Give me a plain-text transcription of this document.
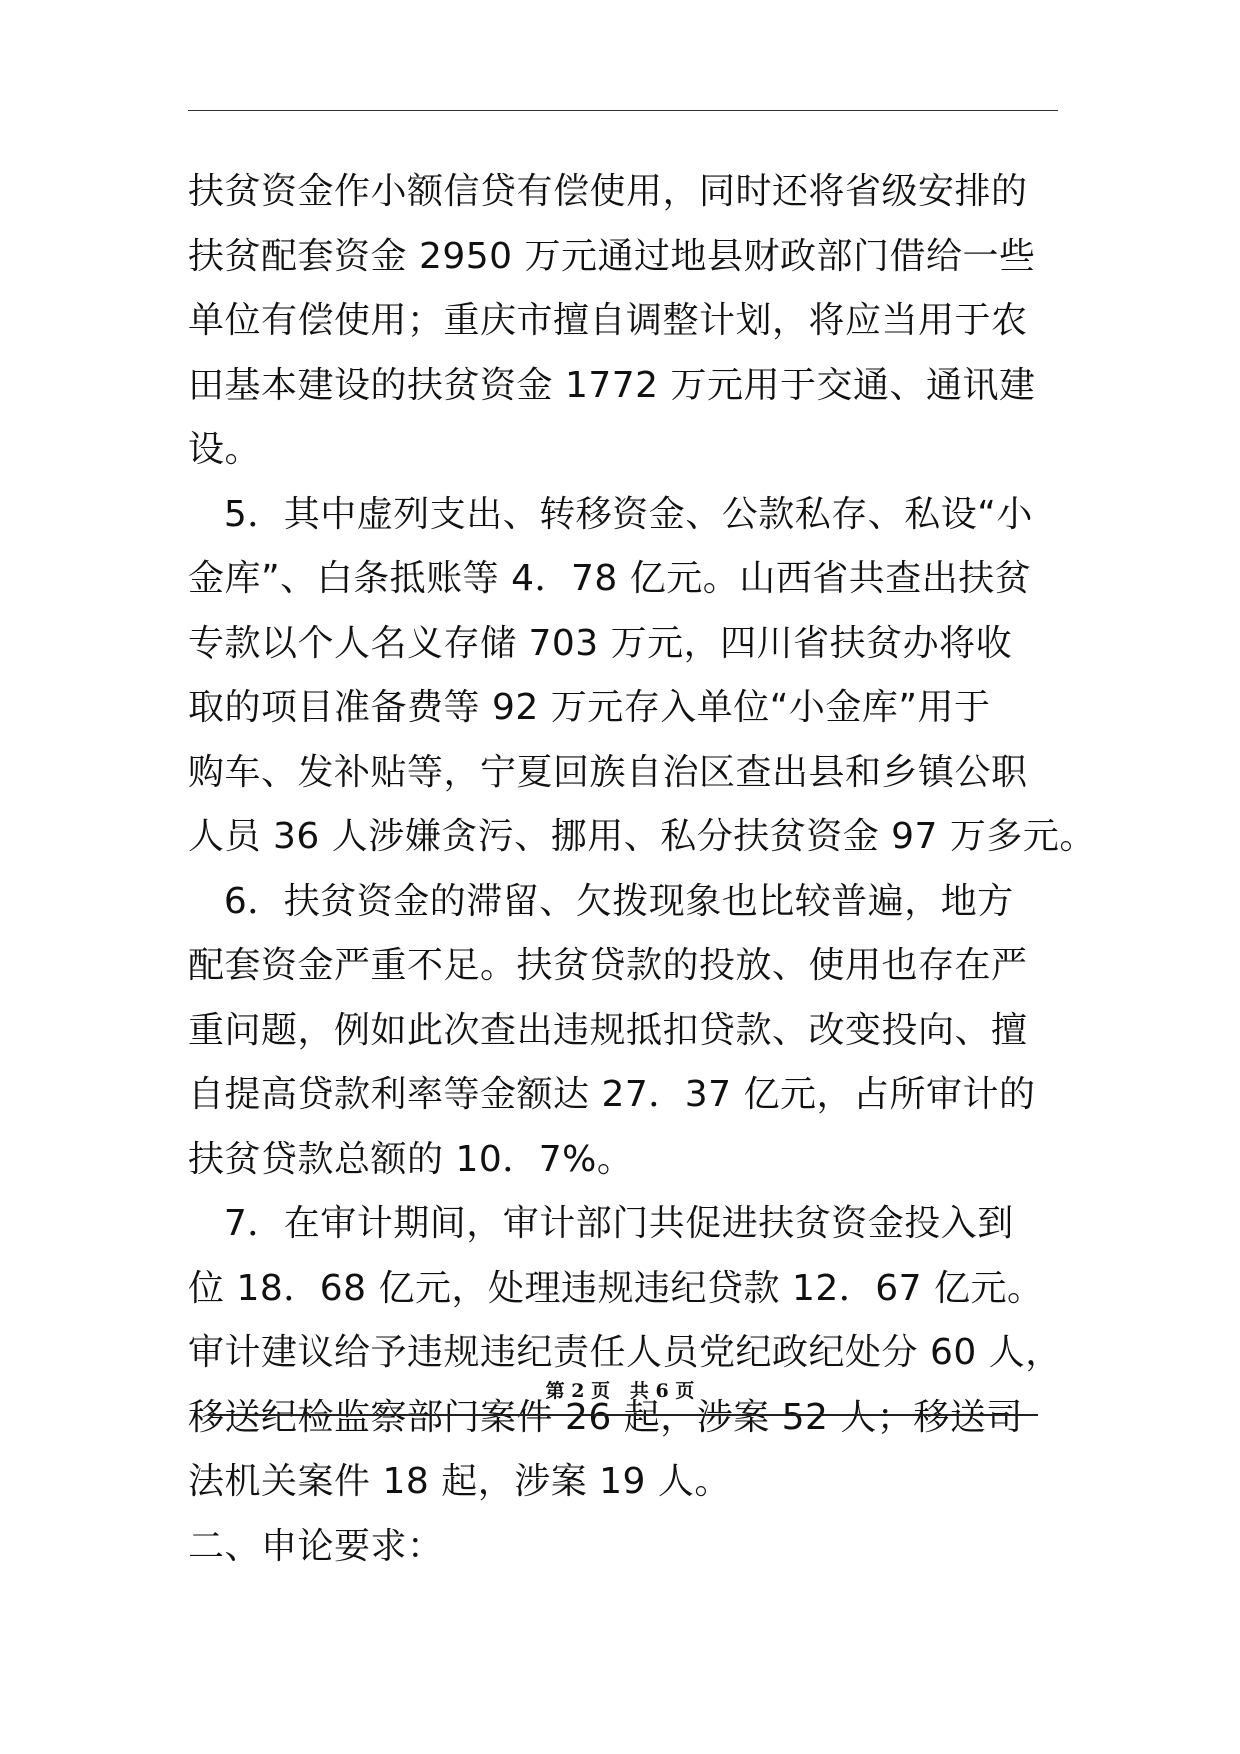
扶贫资金作小额信贷有偿使用，同时还将省级安排的

扶贫配套资金 2950 万元通过地县财政部门借给一些

单位有偿使用；重庆市擅自调整计划，将应当用于农

田基本建设的扶贫资金 1772 万元用于交通、通讯建

设。

5．其中虚列支出、转移资金、公款私存、私设“小

金库”、白条抵账等 4．78 亿元。山西省共查出扶贫

专款以个人名义存储 703 万元，四川省扶贫办将收

取的项目准备费等 92 万元存入单位“小金库”用于

购车、发补贴等，宁夏回族自治区查出县和乡镇公职

人员 36 人涉嫌贪污、挪用、私分扶贫资金 97 万多元。

6．扶贫资金的滞留、欠拨现象也比较普遍，地方

配套资金严重不足。扶贫贷款的投放、使用也存在严

重问题，例如此次查出违规抵扣贷款、改变投向、擅

自提高贷款利率等金额达 27．37 亿元，占所审计的

扶贫贷款总额的 10．7%。

7．在审计期间，审计部门共促进扶贫资金投入到

位 18．68 亿元，处理违规违纪贷款 12．67 亿元。

审计建议给予违规违纪责任人员党纪政纪处分 60 人，

移送纪检监察部门案件 26 起，涉案 52 人；移送司

法机关案件 18 起，涉案 19 人。

二、申论要求：

第 2 页   共 6 页
